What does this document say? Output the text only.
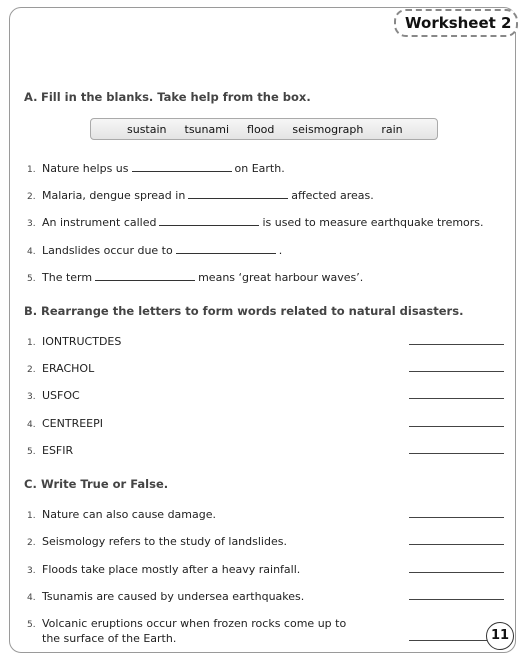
Worksheet 2
A. Fill in the blanks. Take help from the box.
sustain tsunami flood seismograph rain
1. Nature helps us	on Earth.
2. Malaria, dengue spread in	affected areas.
3. An instrument called	is used to measure earthquake tremors.
4. Landslides occur due to	.
5. The term	means ‘great harbour waves’.
B. Rearrange the letters to form words related to natural disasters.
1. IONTRUCTDES
2. ERACHOL
3. USFOC
4. CENTREEPI
5. ESFIR
C. Write True or False.
1. Nature can also cause damage.
2. Seismology refers to the study of landslides.
3. Floods take place mostly after a heavy rainfall.
4. Tsunamis are caused by undersea earthquakes.
5. Volcanic eruptions occur when frozen rocks come up to
the surface of the Earth.	11
